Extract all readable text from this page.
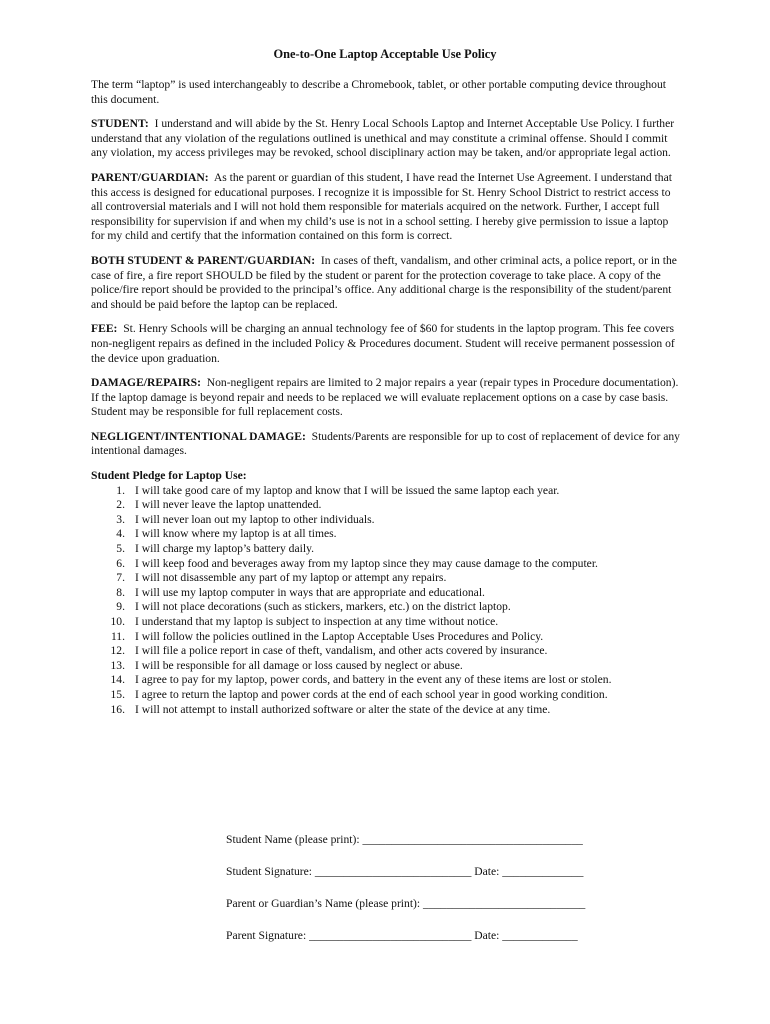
One-to-One Laptop Acceptable Use Policy

The term “laptop” is used interchangeably to describe a Chromebook, tablet, or other portable computing device throughout this document.

STUDENT: I understand and will abide by the St. Henry Local Schools Laptop and Internet Acceptable Use Policy. I further understand that any violation of the regulations outlined is unethical and may constitute a criminal offense. Should I commit any violation, my access privileges may be revoked, school disciplinary action may be taken, and/or appropriate legal action.

PARENT/GUARDIAN: As the parent or guardian of this student, I have read the Internet Use Agreement. I understand that this access is designed for educational purposes. I recognize it is impossible for St. Henry School District to restrict access to all controversial materials and I will not hold them responsible for materials acquired on the network. Further, I accept full responsibility for supervision if and when my child’s use is not in a school setting. I hereby give permission to issue a laptop for my child and certify that the information contained on this form is correct.

BOTH STUDENT & PARENT/GUARDIAN: In cases of theft, vandalism, and other criminal acts, a police report, or in the case of fire, a fire report SHOULD be filed by the student or parent for the protection coverage to take place. A copy of the police/fire report should be provided to the principal’s office. Any additional charge is the responsibility of the student/parent and should be paid before the laptop can be replaced.

FEE: St. Henry Schools will be charging an annual technology fee of $60 for students in the laptop program. This fee covers non-negligent repairs as defined in the included Policy & Procedures document. Student will receive permanent possession of the device upon graduation.

DAMAGE/REPAIRS: Non-negligent repairs are limited to 2 major repairs a year (repair types in Procedure documentation). If the laptop damage is beyond repair and needs to be replaced we will evaluate replacement options on a case by case basis. Student may be responsible for full replacement costs.

NEGLIGENT/INTENTIONAL DAMAGE: Students/Parents are responsible for up to cost of replacement of device for any intentional damages.

Student Pledge for Laptop Use:

1. I will take good care of my laptop and know that I will be issued the same laptop each year.
2. I will never leave the laptop unattended.
3. I will never loan out my laptop to other individuals.
4. I will know where my laptop is at all times.
5. I will charge my laptop’s battery daily.
6. I will keep food and beverages away from my laptop since they may cause damage to the computer.
7. I will not disassemble any part of my laptop or attempt any repairs.
8. I will use my laptop computer in ways that are appropriate and educational.
9. I will not place decorations (such as stickers, markers, etc.) on the district laptop.
10. I understand that my laptop is subject to inspection at any time without notice.
11. I will follow the policies outlined in the Laptop Acceptable Uses Procedures and Policy.
12. I will file a police report in case of theft, vandalism, and other acts covered by insurance.
13. I will be responsible for all damage or loss caused by neglect or abuse.
14. I agree to pay for my laptop, power cords, and battery in the event any of these items are lost or stolen.
15. I agree to return the laptop and power cords at the end of each school year in good working condition.
16. I will not attempt to install authorized software or alter the state of the device at any time.
Student Name (please print): ______________________________________
Student Signature: ___________________________ Date: ______________
Parent or Guardian’s Name (please print): ____________________________
Parent Signature: ____________________________ Date: _____________
